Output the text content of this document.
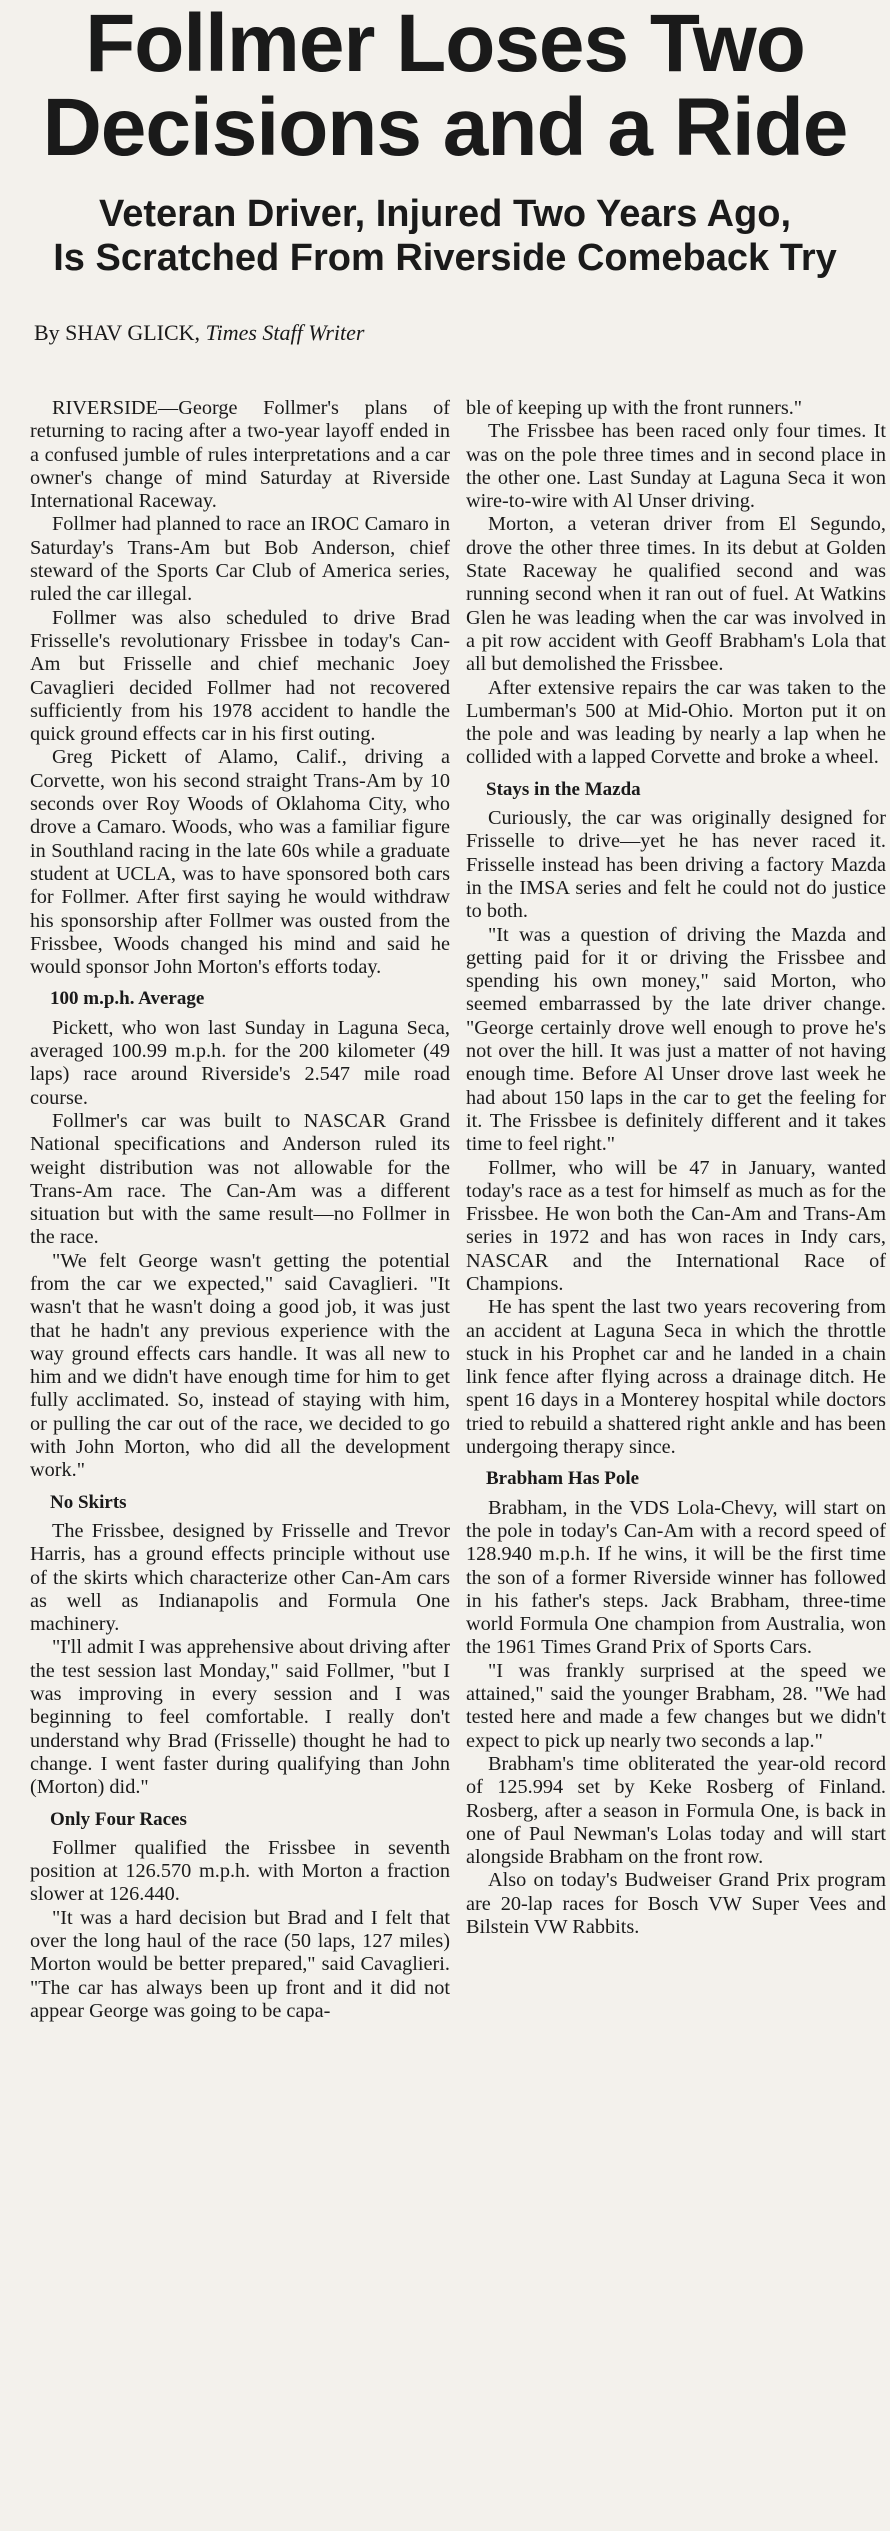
Follmer Loses Two
Decisions and a Ride
Veteran Driver, Injured Two Years Ago,
Is Scratched From Riverside Comeback Try
By SHAV GLICK, Times Staff Writer

RIVERSIDE—George Follmer's plans of returning to racing after a two-year layoff ended in a confused jumble of rules interpretations and a car owner's change of mind Saturday at Riverside International Raceway.

Follmer had planned to race an IROC Camaro in Saturday's Trans-Am but Bob Anderson, chief steward of the Sports Car Club of America series, ruled the car illegal.

Follmer was also scheduled to drive Brad Frisselle's revolutionary Frissbee in today's Can-Am but Frisselle and chief mechanic Joey Cavaglieri decided Follmer had not recovered sufficiently from his 1978 accident to handle the quick ground effects car in his first outing.

Greg Pickett of Alamo, Calif., driving a Corvette, won his second straight Trans-Am by 10 seconds over Roy Woods of Oklahoma City, who drove a Camaro. Woods, who was a familiar figure in Southland racing in the late 60s while a graduate student at UCLA, was to have sponsored both cars for Follmer. After first saying he would withdraw his sponsorship after Follmer was ousted from the Frissbee, Woods changed his mind and said he would sponsor John Morton's efforts today.

100 m.p.h. Average

Pickett, who won last Sunday in Laguna Seca, averaged 100.99 m.p.h. for the 200 kilometer (49 laps) race around Riverside's 2.547 mile road course.

Follmer's car was built to NASCAR Grand National specifications and Anderson ruled its weight distribution was not allowable for the Trans-Am race. The Can-Am was a different situation but with the same result—no Follmer in the race.

"We felt George wasn't getting the potential from the car we expected," said Cavaglieri. "It wasn't that he wasn't doing a good job, it was just that he hadn't any previous experience with the way ground effects cars handle. It was all new to him and we didn't have enough time for him to get fully acclimated. So, instead of staying with him, or pulling the car out of the race, we decided to go with John Morton, who did all the development work."

No Skirts

The Frissbee, designed by Frisselle and Trevor Harris, has a ground effects principle without use of the skirts which characterize other Can-Am cars as well as Indianapolis and Formula One machinery.

"I'll admit I was apprehensive about driving after the test session last Monday," said Follmer, "but I was improving in every session and I was beginning to feel comfortable. I really don't understand why Brad (Frisselle) thought he had to change. I went faster during qualifying than John (Morton) did."

Only Four Races

Follmer qualified the Frissbee in seventh position at 126.570 m.p.h. with Morton a fraction slower at 126.440.

"It was a hard decision but Brad and I felt that over the long haul of the race (50 laps, 127 miles) Morton would be better prepared," said Cavaglieri. "The car has always been up front and it did not appear George was going to be capa-

ble of keeping up with the front runners."

The Frissbee has been raced only four times. It was on the pole three times and in second place in the other one. Last Sunday at Laguna Seca it won wire-to-wire with Al Unser driving.

Morton, a veteran driver from El Segundo, drove the other three times. In its debut at Golden State Raceway he qualified second and was running second when it ran out of fuel. At Watkins Glen he was leading when the car was involved in a pit row accident with Geoff Brabham's Lola that all but demolished the Frissbee.

After extensive repairs the car was taken to the Lumberman's 500 at Mid-Ohio. Morton put it on the pole and was leading by nearly a lap when he collided with a lapped Corvette and broke a wheel.

Stays in the Mazda

Curiously, the car was originally designed for Frisselle to drive—yet he has never raced it. Frisselle instead has been driving a factory Mazda in the IMSA series and felt he could not do justice to both.

"It was a question of driving the Mazda and getting paid for it or driving the Frissbee and spending his own money," said Morton, who seemed embarrassed by the late driver change. "George certainly drove well enough to prove he's not over the hill. It was just a matter of not having enough time. Before Al Unser drove last week he had about 150 laps in the car to get the feeling for it. The Frissbee is definitely different and it takes time to feel right."

Follmer, who will be 47 in January, wanted today's race as a test for himself as much as for the Frissbee. He won both the Can-Am and Trans-Am series in 1972 and has won races in Indy cars, NASCAR and the International Race of Champions.

He has spent the last two years recovering from an accident at Laguna Seca in which the throttle stuck in his Prophet car and he landed in a chain link fence after flying across a drainage ditch. He spent 16 days in a Monterey hospital while doctors tried to rebuild a shattered right ankle and has been undergoing therapy since.

Brabham Has Pole

Brabham, in the VDS Lola-Chevy, will start on the pole in today's Can-Am with a record speed of 128.940 m.p.h. If he wins, it will be the first time the son of a former Riverside winner has followed in his father's steps. Jack Brabham, three-time world Formula One champion from Australia, won the 1961 Times Grand Prix of Sports Cars.

"I was frankly surprised at the speed we attained," said the younger Brabham, 28. "We had tested here and made a few changes but we didn't expect to pick up nearly two seconds a lap."

Brabham's time obliterated the year-old record of 125.994 set by Keke Rosberg of Finland. Rosberg, after a season in Formula One, is back in one of Paul Newman's Lolas today and will start alongside Brabham on the front row.

Also on today's Budweiser Grand Prix program are 20-lap races for Bosch VW Super Vees and Bilstein VW Rabbits.
